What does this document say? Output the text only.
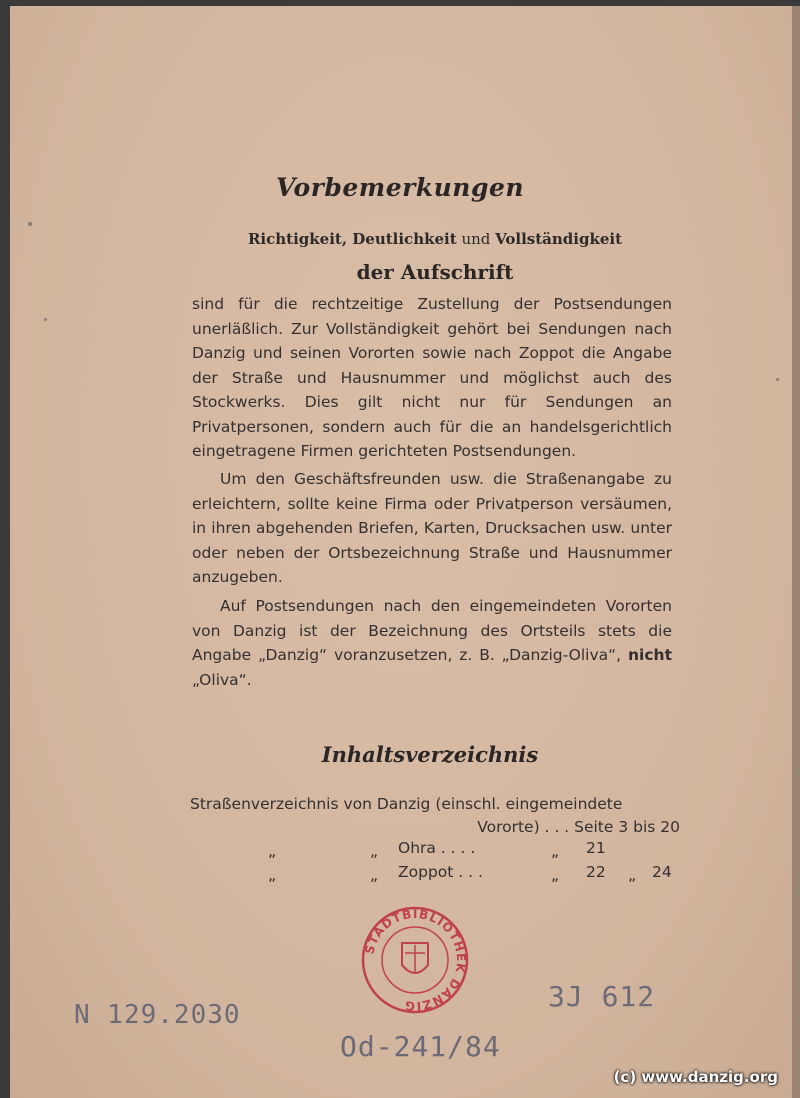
Vorbemerkungen
Richtigkeit, Deutlichkeit und Vollständigkeit
der Aufschrift
sind für die rechtzeitige Zustellung der Postsendungen unerläßlich. Zur Vollständigkeit gehört bei Sendungen nach Danzig und seinen Vororten sowie nach Zoppot die Angabe der Straße und Hausnummer und möglichst auch des Stockwerks. Dies gilt nicht nur für Sendungen an Privatpersonen, sondern auch für die an handelsgerichtlich eingetragene Firmen gerichteten Postsendungen.
Um den Geschäftsfreunden usw. die Straßenangabe zu erleichtern, sollte keine Firma oder Privatperson versäumen, in ihren abgehenden Briefen, Karten, Drucksachen usw. unter oder neben der Ortsbezeichnung Straße und Hausnummer anzugeben.
Auf Postsendungen nach den eingemeindeten Vororten von Danzig ist der Bezeichnung des Ortsteils stets die Angabe „Danzig“ voranzusetzen, z. B. „Danzig-Oliva“, nicht „Oliva“.
Inhaltsverzeichnis
Straßenverzeichnis von Danzig (einschl. eingemeindete
Vororte) . . . Seite 3 bis 20
„	„ Ohra . . . .	„ 21
„	„ Zoppot . . .	„ 22 „ 24
STADTBIBLIOTHEK DANZIG
N 129.2030
3J 612
Od-241/84
(c) www.danzig.org
